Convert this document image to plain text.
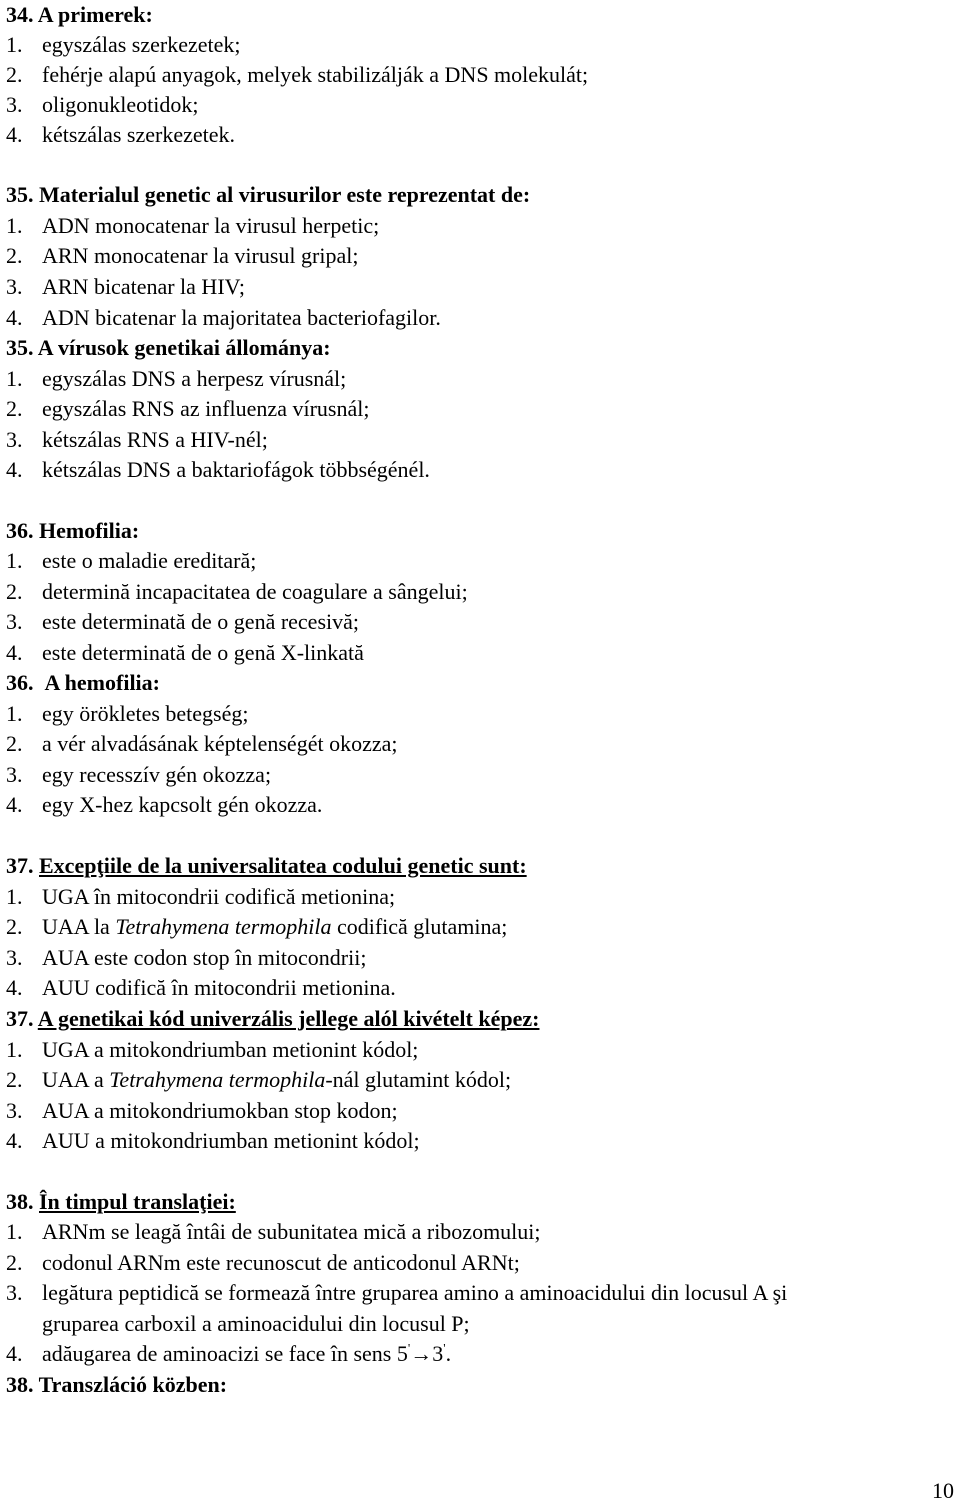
34. A primerek:
1. egyszálas szerkezetek;
2. fehérje alapú anyagok, melyek stabilizálják a DNS molekulát;
3. oligonukleotidok;
4. kétszálas szerkezetek.
35. Materialul genetic al virusurilor este reprezentat de:
1. ADN monocatenar la virusul herpetic;
2. ARN monocatenar la virusul gripal;
3. ARN bicatenar la HIV;
4. ADN bicatenar la majoritatea bacteriofagilor.
35. A vírusok genetikai állománya:
1. egyszálas DNS a herpesz vírusnál;
2. egyszálas RNS az influenza vírusnál;
3. kétszálas RNS a HIV-nél;
4. kétszálas DNS a baktariofágok többségénél.
36. Hemofilia:
1. este o maladie ereditară;
2. determină incapacitatea de coagulare a sângelui;
3. este determinată de o genă recesivă;
4. este determinată de o genă X-linkată
36. A hemofilia:
1. egy örökletes betegség;
2. a vér alvadásának képtelenségét okozza;
3. egy recesszív gén okozza;
4. egy X-hez kapcsolt gén okozza.
37. Excepţiile de la universalitatea codului genetic sunt:
1. UGA în mitocondrii codifică metionina;
2. UAA la Tetrahymena termophila codifică glutamina;
3. AUA este codon stop în mitocondrii;
4. AUU codifică în mitocondrii metionina.
37. A genetikai kód univerzális jellege alól kivételt képez:
1. UGA a mitokondriumban metionint kódol;
2. UAA a Tetrahymena termophila-nál glutamint kódol;
3. AUA a mitokondriumokban stop kodon;
4. AUU a mitokondriumban metionint kódol;
38. În timpul translaţiei:
1. ARNm se leagă întâi de subunitatea mică a ribozomului;
2. codonul ARNm este recunoscut de anticodonul ARNt;
3. legătura peptidică se formează între gruparea amino a aminoacidului din locusul A şi
gruparea carboxil a aminoacidului din locusul P;
4. adăugarea de aminoacizi se face în sens 5'→3'.
38. Transzláció közben:
10
